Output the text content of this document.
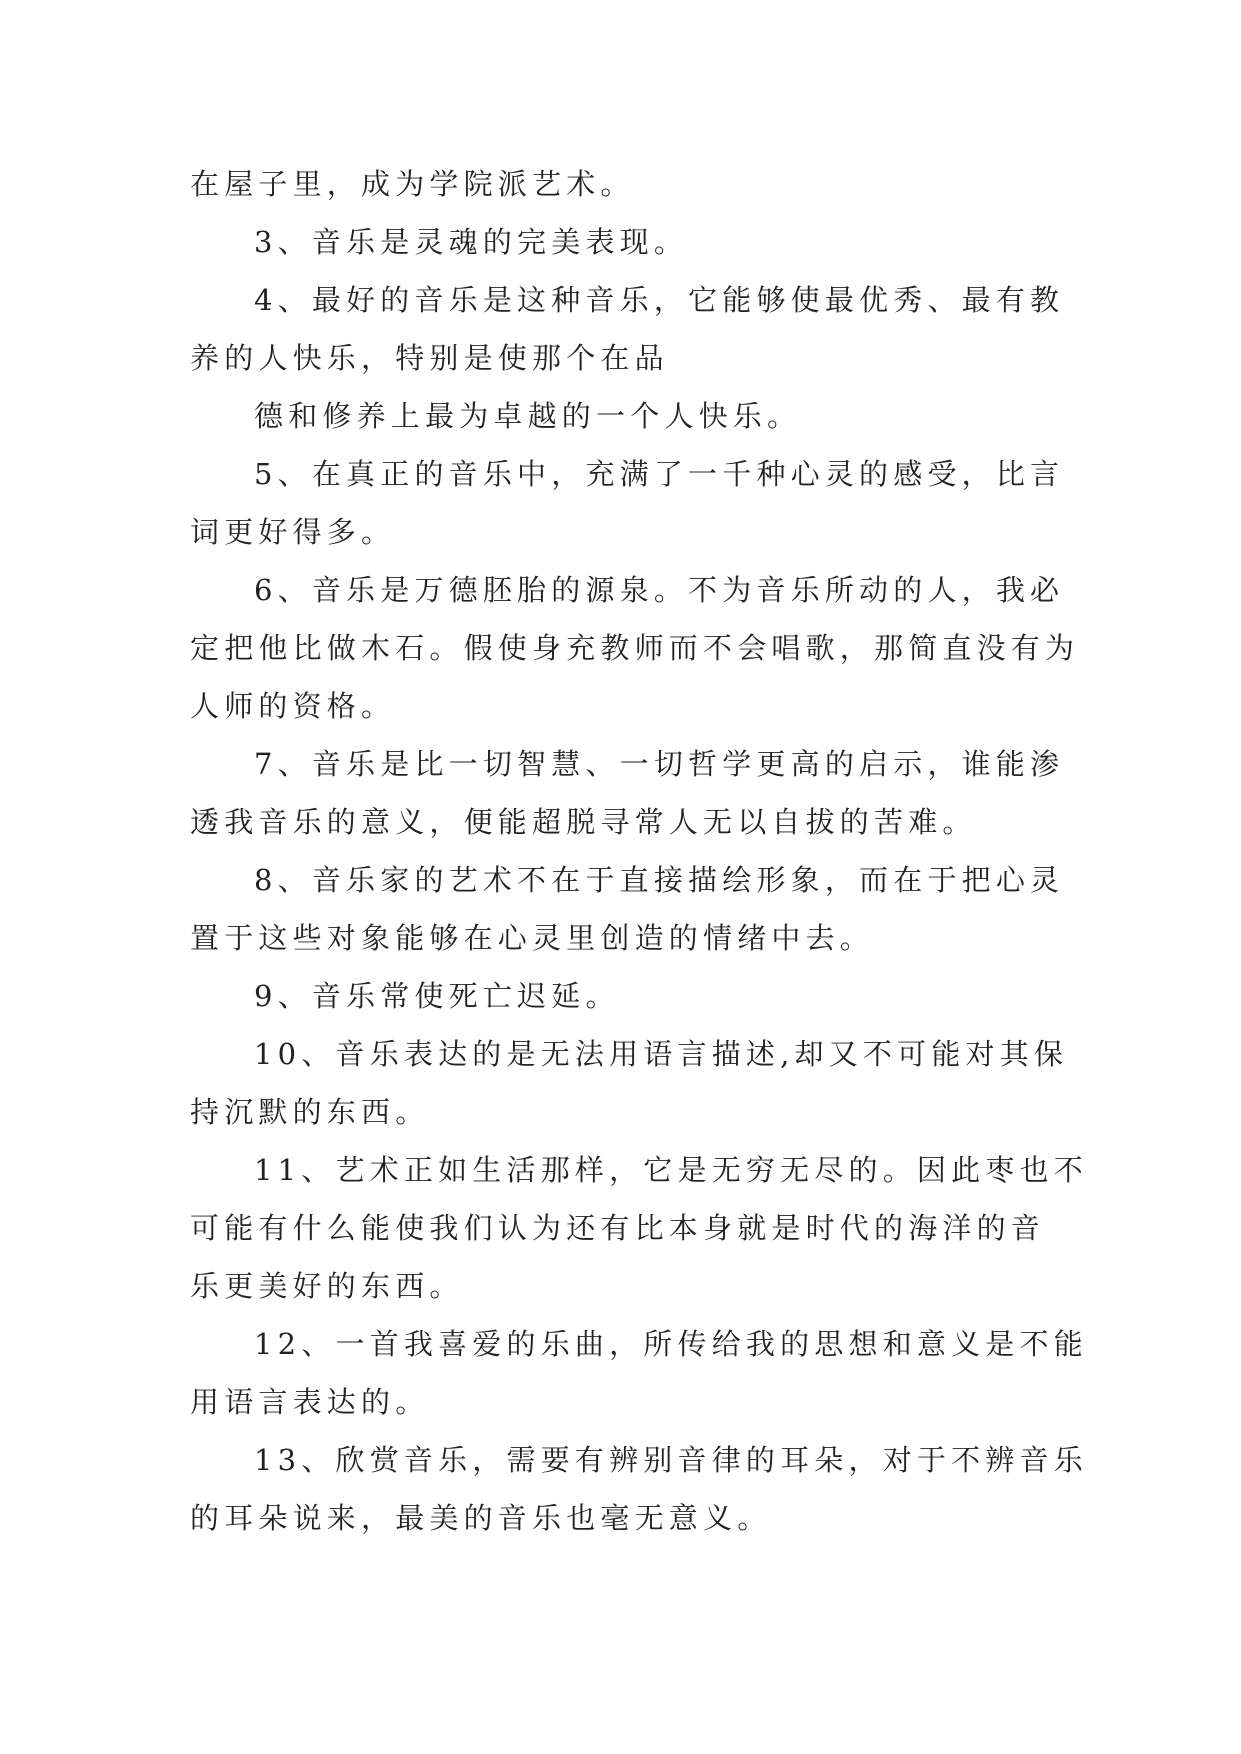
在屋子里，成为学院派艺术。

3、音乐是灵魂的完美表现。

4、最好的音乐是这种音乐，它能够使最优秀、最有教

养的人快乐，特别是使那个在品

德和修养上最为卓越的一个人快乐。

5、在真正的音乐中，充满了一千种心灵的感受，比言

词更好得多。

6、音乐是万德胚胎的源泉。不为音乐所动的人，我必

定把他比做木石。假使身充教师而不会唱歌，那简直没有为

人师的资格。

7、音乐是比一切智慧、一切哲学更高的启示，谁能渗

透我音乐的意义，便能超脱寻常人无以自拔的苦难。

8、音乐家的艺术不在于直接描绘形象，而在于把心灵

置于这些对象能够在心灵里创造的情绪中去。

9、音乐常使死亡迟延。

10、音乐表达的是无法用语言描述,却又不可能对其保

持沉默的东西。

11、艺术正如生活那样，它是无穷无尽的。因此枣也不

可能有什么能使我们认为还有比本身就是时代的海洋的音

乐更美好的东西。

12、一首我喜爱的乐曲，所传给我的思想和意义是不能

用语言表达的。

13、欣赏音乐，需要有辨别音律的耳朵，对于不辨音乐

的耳朵说来，最美的音乐也毫无意义。
